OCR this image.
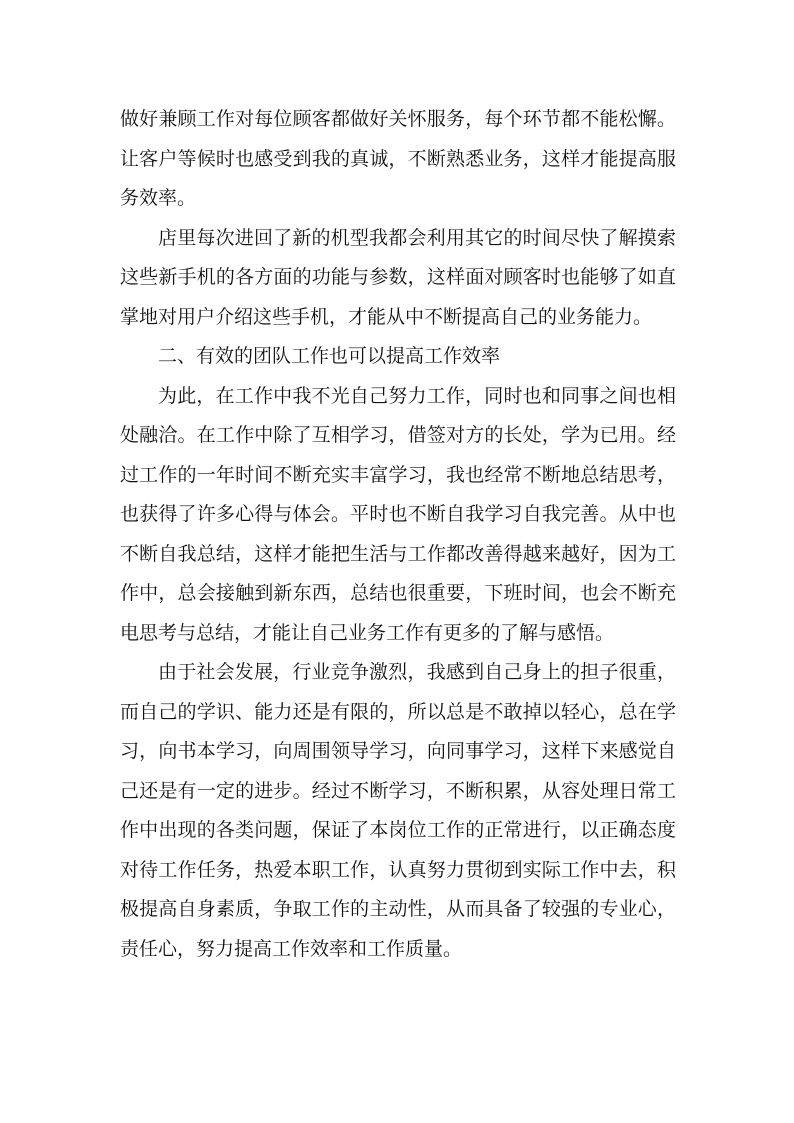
做好兼顾工作对每位顾客都做好关怀服务，每个环节都不能松懈。让客户等候时也感受到我的真诚，不断熟悉业务，这样才能提高服务效率。

店里每次进回了新的机型我都会利用其它的时间尽快了解摸索这些新手机的各方面的功能与参数，这样面对顾客时也能够了如直掌地对用户介绍这些手机，才能从中不断提高自己的业务能力。

二、有效的团队工作也可以提高工作效率

为此，在工作中我不光自己努力工作，同时也和同事之间也相处融洽。在工作中除了互相学习，借签对方的长处，学为已用。经过工作的一年时间不断充实丰富学习，我也经常不断地总结思考，也获得了许多心得与体会。平时也不断自我学习自我完善。从中也不断自我总结，这样才能把生活与工作都改善得越来越好，因为工作中，总会接触到新东西，总结也很重要，下班时间，也会不断充电思考与总结，才能让自己业务工作有更多的了解与感悟。

由于社会发展，行业竞争激烈，我感到自己身上的担子很重，而自己的学识、能力还是有限的，所以总是不敢掉以轻心，总在学习，向书本学习，向周围领导学习，向同事学习，这样下来感觉自己还是有一定的进步。经过不断学习，不断积累，从容处理日常工作中出现的各类问题，保证了本岗位工作的正常进行，以正确态度对待工作任务，热爱本职工作，认真努力贯彻到实际工作中去，积极提高自身素质，争取工作的主动性，从而具备了较强的专业心，责任心，努力提高工作效率和工作质量。
